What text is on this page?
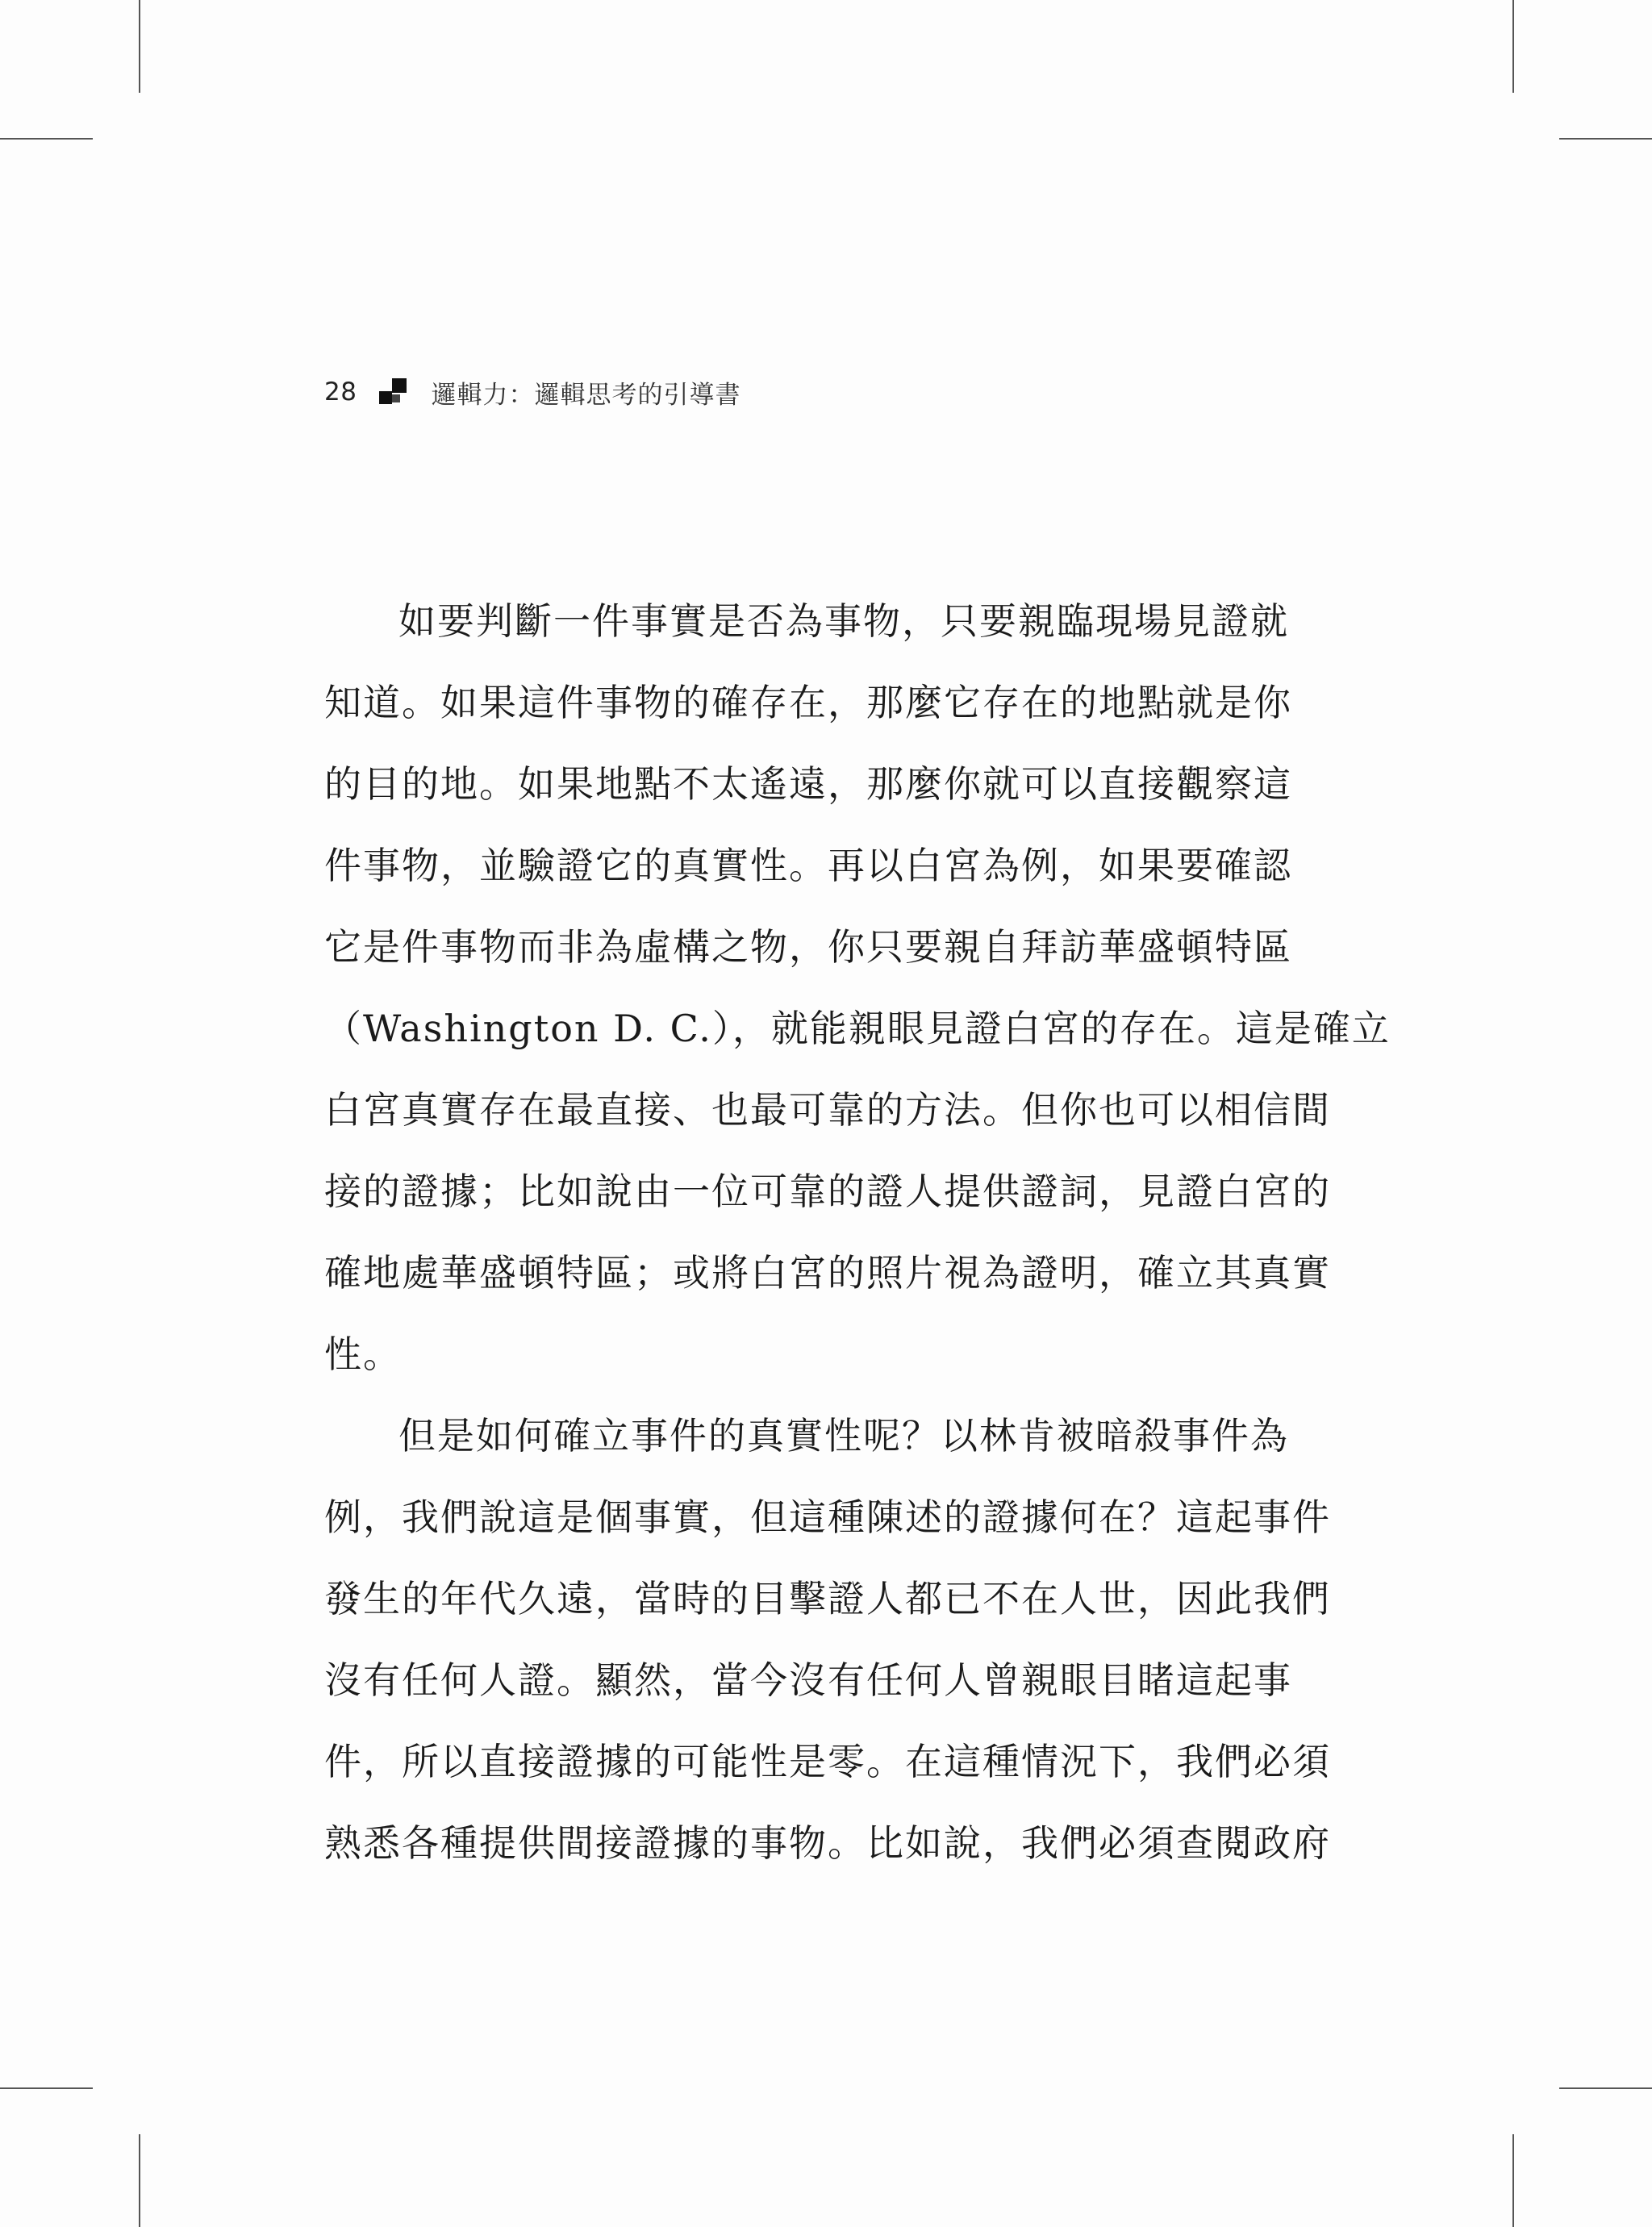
28	邏輯力：邏輯思考的引導書

如要判斷一件事實是否為事物，只要親臨現場見證就
知道。如果這件事物的確存在，那麼它存在的地點就是你
的目的地。如果地點不太遙遠，那麼你就可以直接觀察這
件事物，並驗證它的真實性。再以白宮為例，如果要確認
它是件事物而非為虛構之物，你只要親自拜訪華盛頓特區
（Washington D. C.），就能親眼見證白宮的存在。這是確立
白宮真實存在最直接、也最可靠的方法。但你也可以相信間
接的證據；比如說由一位可靠的證人提供證詞，見證白宮的
確地處華盛頓特區；或將白宮的照片視為證明，確立其真實
性。

但是如何確立事件的真實性呢？以林肯被暗殺事件為
例，我們說這是個事實，但這種陳述的證據何在？這起事件
發生的年代久遠，當時的目擊證人都已不在人世，因此我們
沒有任何人證。顯然，當今沒有任何人曾親眼目睹這起事
件，所以直接證據的可能性是零。在這種情況下，我們必須
熟悉各種提供間接證據的事物。比如說，我們必須查閱政府
